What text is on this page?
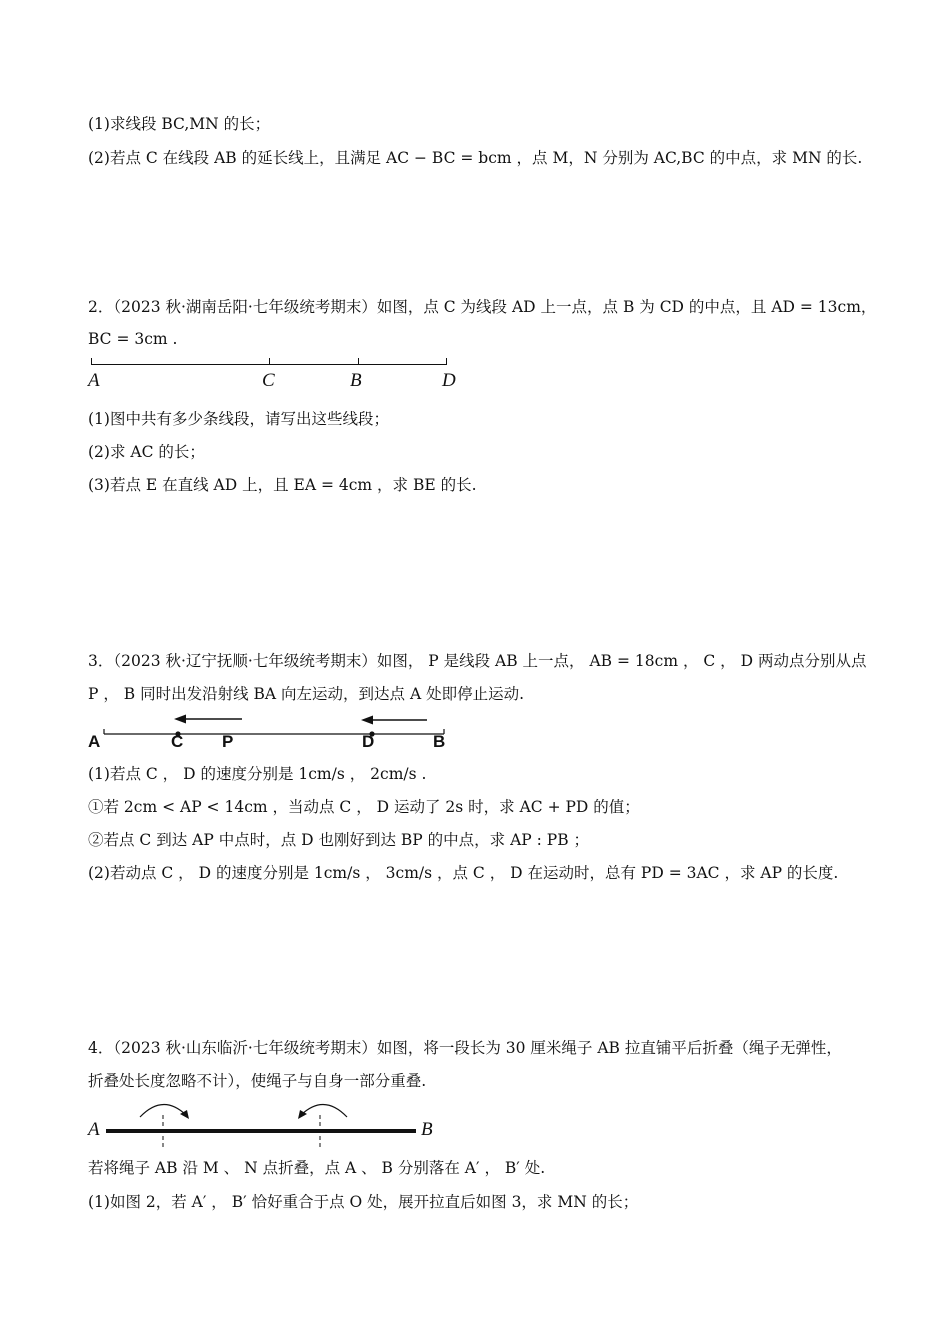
(1)求线段 BC,MN 的长；
(2)若点 C 在线段 AB 的延长线上，且满足 AC − BC = bcm ，点 M，N 分别为 AC,BC 的中点，求 MN 的长.
2．（2023 秋·湖南岳阳·七年级统考期末）如图，点 C 为线段 AD 上一点，点 B 为 CD 的中点，且 AD = 13cm，
BC = 3cm .
A	C	B	D
(1)图中共有多少条线段，请写出这些线段；
(2)求 AC 的长；
(3)若点 E 在直线 AD 上，且 EA = 4cm ，求 BE 的长.
3．（2023 秋·辽宁抚顺·七年级统考期末）如图， P 是线段 AB 上一点， AB = 18cm ， C ， D 两动点分别从点
P ， B 同时出发沿射线 BA 向左运动，到达点 A 处即停止运动.
A	C P	D	B
(1)若点 C ， D 的速度分别是 1cm/s ， 2cm/s .
①若 2cm < AP < 14cm ，当动点 C ， D 运动了 2s 时，求 AC + PD 的值；
②若点 C 到达 AP 中点时，点 D 也刚好到达 BP 的中点，求 AP : PB ；
(2)若动点 C ， D 的速度分别是 1cm/s ， 3cm/s ，点 C ， D 在运动时，总有 PD = 3AC ，求 AP 的长度.
4．（2023 秋·山东临沂·七年级统考期末）如图，将一段长为 30 厘米绳子 AB 拉直铺平后折叠（绳子无弹性，
折叠处长度忽略不计），使绳子与自身一部分重叠.
A	B
若将绳子 AB 沿 M 、 N 点折叠，点 A 、 B 分别落在 A′ ， B′ 处.
(1)如图 2，若 A′ ， B′ 恰好重合于点 O 处，展开拉直后如图 3，求 MN 的长；
